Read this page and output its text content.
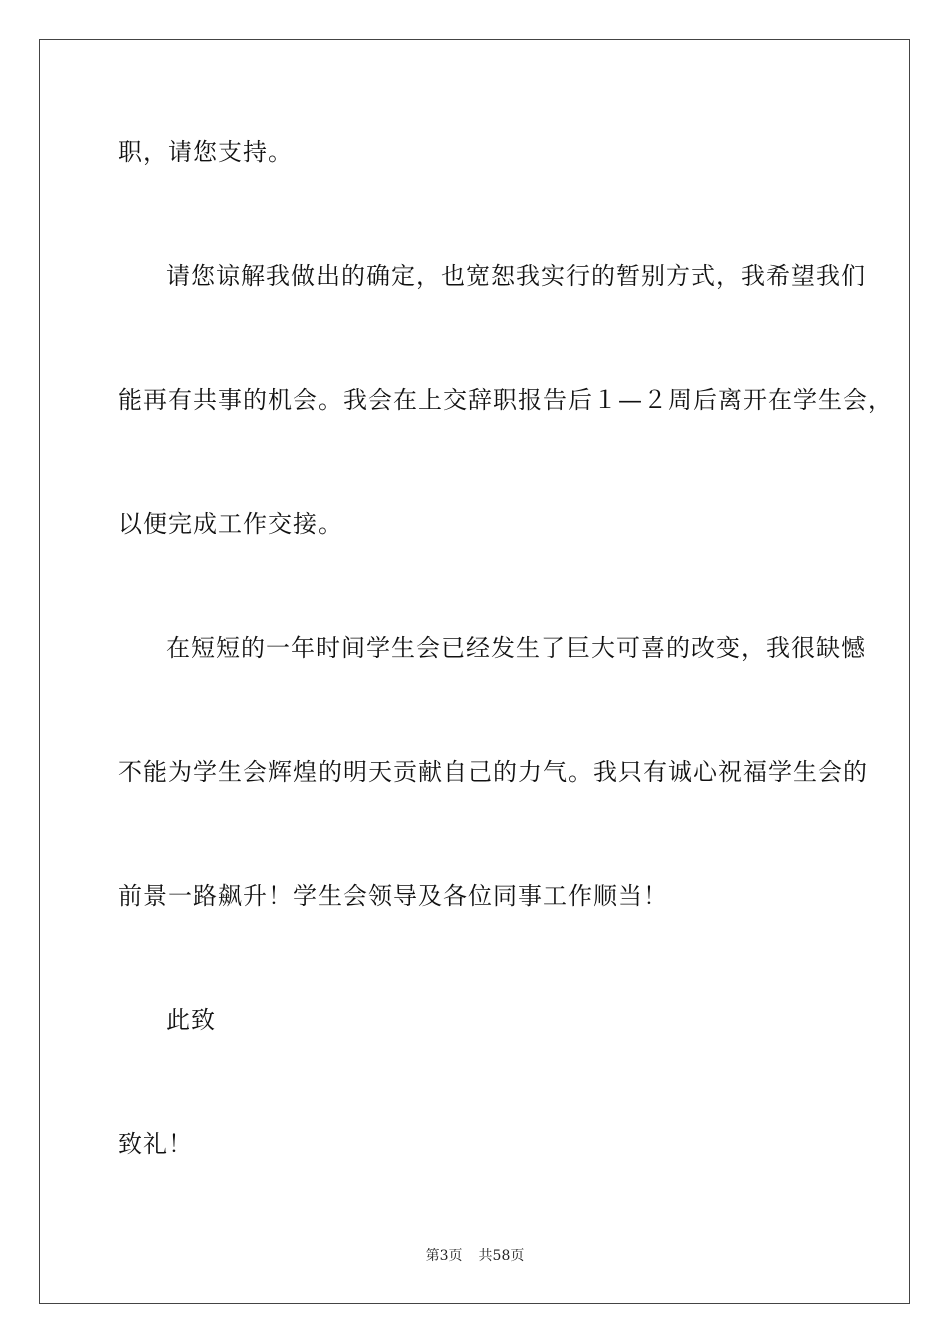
职，请您支持。
请您谅解我做出的确定，也宽恕我实行的暂别方式，我希望我们
能再有共事的机会。我会在上交辞职报告后１—２周后离开在学生会，
以便完成工作交接。
在短短的一年时间学生会已经发生了巨大可喜的改变，我很缺憾
不能为学生会辉煌的明天贡献自己的力气。我只有诚心祝福学生会的
前景一路飙升！学生会领导及各位同事工作顺当！
此致
致礼！
第3页 共58页
